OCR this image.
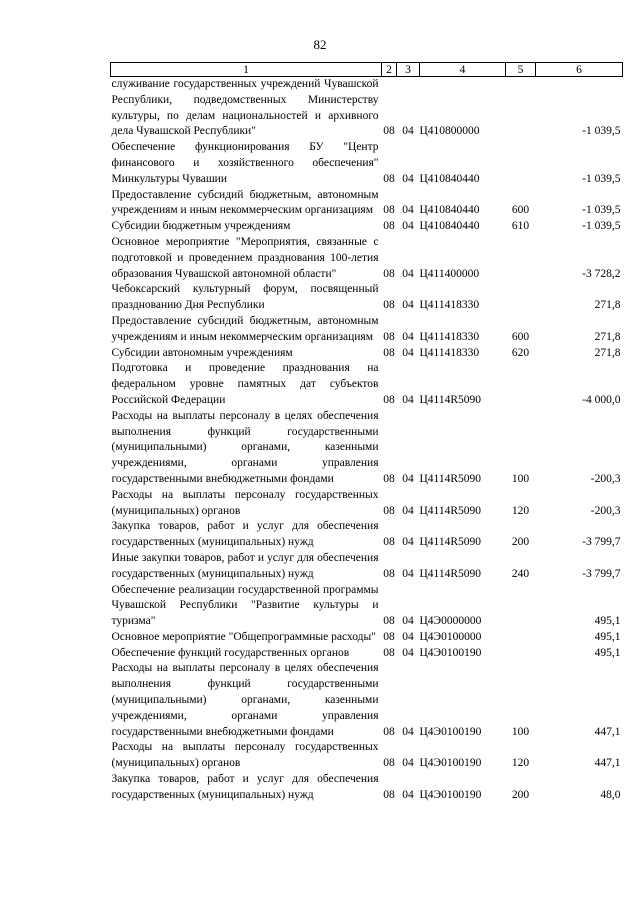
82
1	2	3	4	5	6
служивание государственных учреждений Чувашской Республики, подведомственных Министерству культуры, по делам национальностей и архивного дела Чувашской Республики"	08	04	Ц410800000		-1 039,5
Обеспечение функционирования БУ "Центр финансового и хозяйственного обеспечения" Минкультуры Чувашии	08	04	Ц410840440		-1 039,5
Предоставление субсидий бюджетным, автономным учреждениям и иным некоммерческим организациям	08	04	Ц410840440	600	-1 039,5
Субсидии бюджетным учреждениям	08	04	Ц410840440	610	-1 039,5
Основное мероприятие "Мероприятия, связанные с подготовкой и проведением празднования 100-летия образования Чувашской автономной области"	08	04	Ц411400000		-3 728,2
Чебоксарский культурный форум, посвященный празднованию Дня Республики	08	04	Ц411418330		271,8
Предоставление субсидий бюджетным, автономным учреждениям и иным некоммерческим организациям	08	04	Ц411418330	600	271,8
Субсидии автономным учреждениям	08	04	Ц411418330	620	271,8
Подготовка и проведение празднования на федеральном уровне памятных дат субъектов Российской Федерации	08	04	Ц4114R5090		-4 000,0
Расходы на выплаты персоналу в целях обеспечения выполнения функций государственными (муниципальными) органами, казенными учреждениями, органами управления государственными внебюджетными фондами	08	04	Ц4114R5090	100	-200,3
Расходы на выплаты персоналу государственных (муниципальных) органов	08	04	Ц4114R5090	120	-200,3
Закупка товаров, работ и услуг для обеспечения государственных (муниципальных) нужд	08	04	Ц4114R5090	200	-3 799,7
Иные закупки товаров, работ и услуг для обеспечения государственных (муниципальных) нужд	08	04	Ц4114R5090	240	-3 799,7
Обеспечение реализации государственной программы Чувашской Республики "Развитие культуры и туризма"	08	04	Ц4Э0000000		495,1
Основное мероприятие "Общепрограммные расходы"	08	04	Ц4Э0100000		495,1
Обеспечение функций государственных органов	08	04	Ц4Э0100190		495,1
Расходы на выплаты персоналу в целях обеспечения выполнения функций государственными (муниципальными) органами, казенными учреждениями, органами управления государственными внебюджетными фондами	08	04	Ц4Э0100190	100	447,1
Расходы на выплаты персоналу государственных (муниципальных) органов	08	04	Ц4Э0100190	120	447,1
Закупка товаров, работ и услуг для обеспечения государственных (муниципальных) нужд	08	04	Ц4Э0100190	200	48,0
